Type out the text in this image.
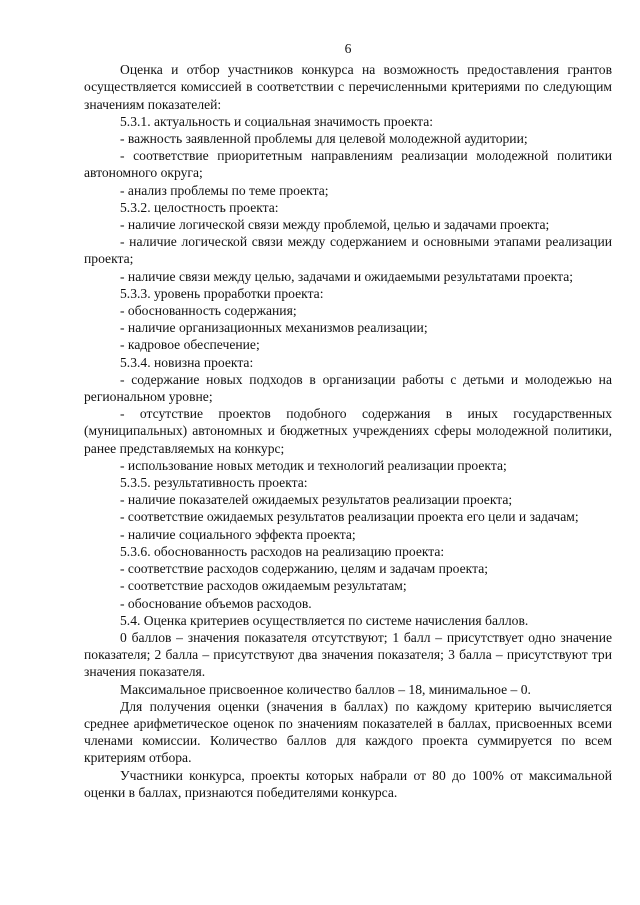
6
Оценка и отбор участников конкурса на возможность предоставления грантов осуществляется комиссией в соответствии с перечисленными критериями по следующим значениям показателей:
5.3.1. актуальность и социальная значимость проекта:
- важность заявленной проблемы для целевой молодежной аудитории;
- соответствие приоритетным направлениям реализации молодежной политики автономного округа;
- анализ проблемы по теме проекта;
5.3.2. целостность проекта:
- наличие логической связи между проблемой, целью и задачами проекта;
- наличие логической связи между содержанием и основными этапами реализации проекта;
- наличие связи между целью, задачами и ожидаемыми результатами проекта;
5.3.3. уровень проработки проекта:
- обоснованность содержания;
- наличие организационных механизмов реализации;
- кадровое обеспечение;
5.3.4. новизна проекта:
- содержание новых подходов в организации работы с детьми и молодежью на региональном уровне;
- отсутствие проектов подобного содержания в иных государственных (муниципальных) автономных и бюджетных учреждениях сферы молодежной политики, ранее представляемых на конкурс;
- использование новых методик и технологий реализации проекта;
5.3.5. результативность проекта:
- наличие показателей ожидаемых результатов реализации проекта;
- соответствие ожидаемых результатов реализации проекта его цели и задачам;
- наличие социального эффекта проекта;
5.3.6. обоснованность расходов на реализацию проекта:
- соответствие расходов содержанию, целям и задачам проекта;
- соответствие расходов ожидаемым результатам;
- обоснование объемов расходов.
5.4. Оценка критериев осуществляется по системе начисления баллов.
0 баллов – значения показателя отсутствуют; 1 балл – присутствует одно значение показателя; 2 балла – присутствуют два значения показателя; 3 балла – присутствуют три значения показателя.
Максимальное присвоенное количество баллов – 18, минимальное – 0.
Для получения оценки (значения в баллах) по каждому критерию вычисляется среднее арифметическое оценок по значениям показателей в баллах, присвоенных всеми членами комиссии. Количество баллов для каждого проекта суммируется по всем критериям отбора.
Участники конкурса, проекты которых набрали от 80 до 100% от максимальной оценки в баллах, признаются победителями конкурса.
